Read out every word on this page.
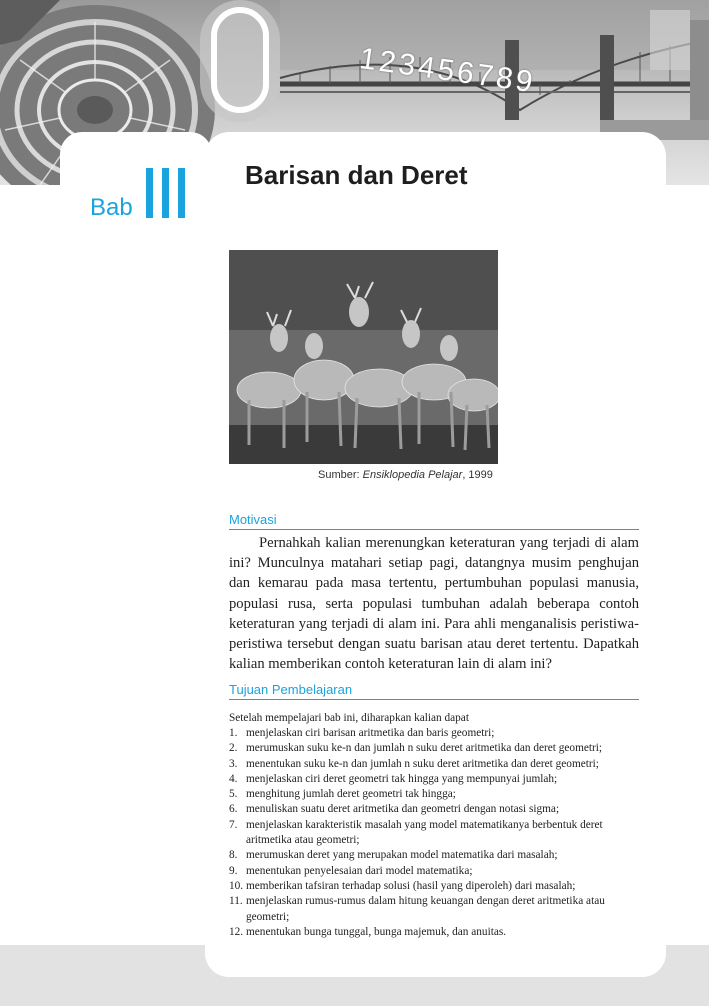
123456789
Bab
Barisan dan Deret
Sumber: Ensiklopedia Pelajar, 1999
Motivasi

Pernahkah kalian merenungkan keteraturan yang terjadi di alam ini? Munculnya matahari setiap pagi, datangnya musim penghujan dan kemarau pada masa tertentu, pertumbuhan populasi manusia, populasi rusa, serta populasi tumbuhan adalah beberapa contoh keteraturan yang terjadi di alam ini. Para ahli menganalisis peristiwa-peristiwa tersebut dengan suatu barisan atau deret tertentu. Dapatkah kalian memberikan contoh keteraturan lain di alam ini?

Tujuan Pembelajaran

Setelah mempelajari bab ini, diharapkan kalian dapat

1. menjelaskan ciri barisan aritmetika dan baris geometri;
2. merumuskan suku ke-n dan jumlah n suku deret aritmetika dan deret geometri;
3. menentukan suku ke-n dan jumlah n suku deret aritmetika dan deret geometri;
4. menjelaskan ciri deret geometri tak hingga yang mempunyai jumlah;
5. menghitung jumlah deret geometri tak hingga;
6. menuliskan suatu deret aritmetika dan geometri dengan notasi sigma;
7. menjelaskan karakteristik masalah yang model matematikanya berbentuk deret aritmetika atau geometri;
8. merumuskan deret yang merupakan model matematika dari masalah;
9. menentukan penyelesaian dari model matematika;
10. memberikan tafsiran terhadap solusi (hasil yang diperoleh) dari masalah;
11. menjelaskan rumus-rumus dalam hitung keuangan dengan deret aritmetika atau geometri;
12. menentukan bunga tunggal, bunga majemuk, dan anuitas.
